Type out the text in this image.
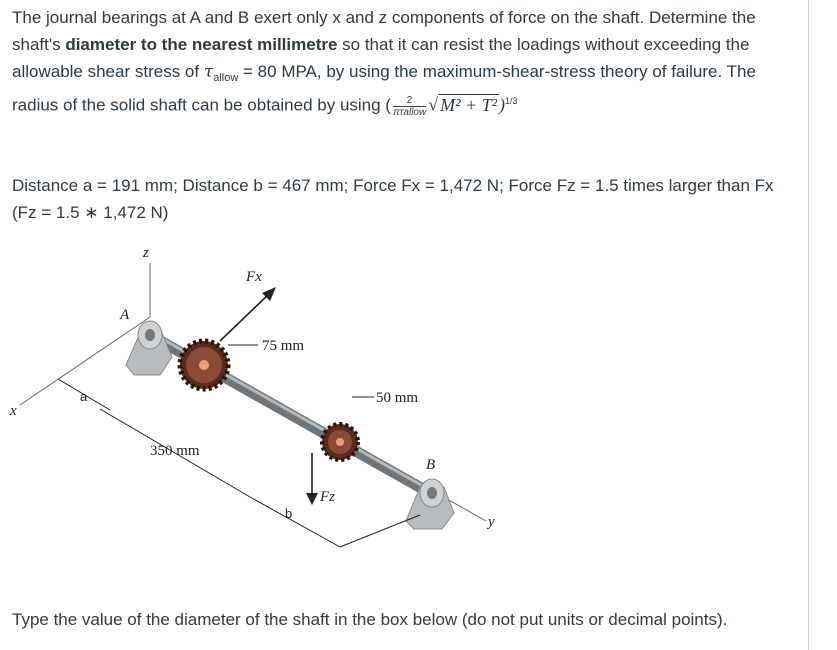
The journal bearings at A and B exert only x and z components of force on the shaft. Determine the shaft's diameter to the nearest millimetre so that it can resist the loadings without exceeding the allowable shear stress of $\tau_{allow} = 80$ MPA, by using the maximum-shear-stress theory of failure. The radius of the solid shaft can be obtained by using ( $\frac{2}{\text{πτallow}}$ √ M² + T² )$^{1/3}$

Distance a = 191 mm; Distance b = 467 mm; Force Fx = 1,472 N; Force Fz = 1.5 times larger than Fx
(Fz = 1.5 ∗ 1,472 N)

z
x
y
A
Fx
75 mm
50 mm
Fz
B
a
350 mm
b

Type the value of the diameter of the shaft in the box below (do not put units or decimal points).
